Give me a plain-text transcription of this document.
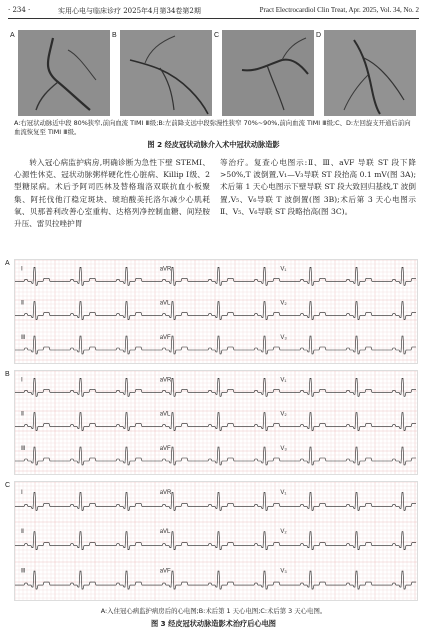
· 234 ·	实用心电与临床诊疗 2025年4月第34卷第2期	Pract Electrocardiol Clin Treat, Apr. 2025, Vol. 34, No. 2
A	B	C	D
A:右冠状动脉近中段 80%狭窄,前向血流 TIMI Ⅲ级;B:左前降支远中段弥漫性狭窄 70%~90%,前向血流 TIMI Ⅲ级;C、D:左回旋支开通后前向血流恢复至 TIMI Ⅲ级。
图 2 经皮冠状动脉介入术中冠状动脉造影
转入冠心病监护病房,明确诊断为急性下壁 STEMI、心源性休克、冠状动脉粥样硬化性心脏病、Killip Ⅰ级、2型糖尿病。术后予阿司匹林及替格瑞洛双联抗血小板聚集、阿托伐他汀稳定斑块、琥珀酸美托洛尔减少心肌耗氧、贝那普利改善心室重构、达格列净控制血糖、间羟胺升压、雷贝拉唑护胃
等治疗。复查心电图示:Ⅱ、Ⅲ、aVF 导联 ST 段下降>50%,T 波倒置,V₁—V₃导联 ST 段抬高 0.1 mV(图 3A);术后第 1 天心电图示下壁导联 ST 段大致回归基线,T 波倒置,V₅、V₆导联 T 波倒置(图 3B);术后第 3 天心电图示 Ⅱ、V₅、V₆导联 ST 段略抬高(图 3C)。
A
Ⅰ	aVR	V₁
Ⅱ	aVL	V₂
Ⅲ	aVF	V₃
B
Ⅰ	aVR	V₁
Ⅱ	aVL	V₂
Ⅲ	aVF	V₃
C
Ⅰ	aVR	V₁
Ⅱ	aVL	V₂
Ⅲ	aVF	V₃
A:入住冠心病监护病房后的心电图;B:术后第 1 天心电图;C:术后第 3 天心电图。
图 3 经皮冠状动脉造影术治疗后心电图
